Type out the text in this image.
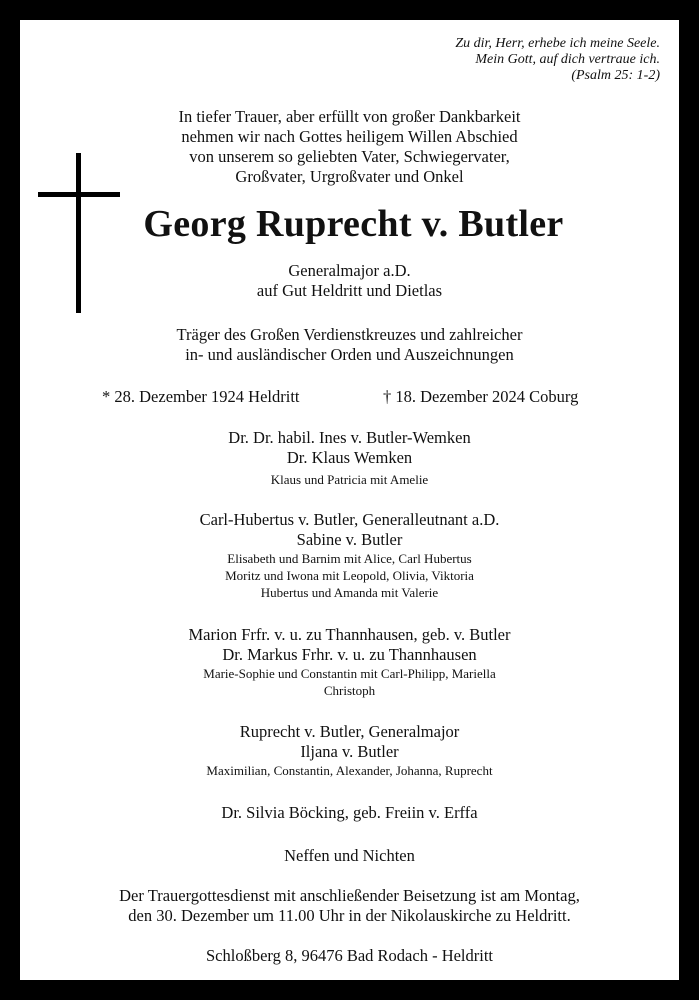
Zu dir, Herr, erhebe ich meine Seele.
Mein Gott, auf dich vertraue ich.
(Psalm 25: 1-2)
In tiefer Trauer, aber erfüllt von großer Dankbarkeit
nehmen wir nach Gottes heiligem Willen Abschied
von unserem so geliebten Vater, Schwiegervater,
Großvater, Urgroßvater und Onkel
Georg Ruprecht v. Butler
Generalmajor a.D.
auf Gut Heldritt und Dietlas
Träger des Großen Verdienstkreuzes und zahlreicher
in- und ausländischer Orden und Auszeichnungen
* 28. Dezember 1924 Heldritt	† 18. Dezember 2024 Coburg
Dr. Dr. habil. Ines v. Butler-Wemken
Dr. Klaus Wemken
Klaus und Patricia mit Amelie
Carl-Hubertus v. Butler, Generalleutnant a.D.
Sabine v. Butler
Elisabeth und Barnim mit Alice, Carl Hubertus
Moritz und Iwona mit Leopold, Olivia, Viktoria
Hubertus und Amanda mit Valerie
Marion Frfr. v. u. zu Thannhausen, geb. v. Butler
Dr. Markus Frhr. v. u. zu Thannhausen
Marie-Sophie und Constantin mit Carl-Philipp, Mariella
Christoph
Ruprecht v. Butler, Generalmajor
Iljana v. Butler
Maximilian, Constantin, Alexander, Johanna, Ruprecht
Dr. Silvia Böcking, geb. Freiin v. Erffa
Neffen und Nichten
Der Trauergottesdienst mit anschließender Beisetzung ist am Montag,
den 30. Dezember um 11.00 Uhr in der Nikolauskirche zu Heldritt.
Schloßberg 8, 96476 Bad Rodach - Heldritt
